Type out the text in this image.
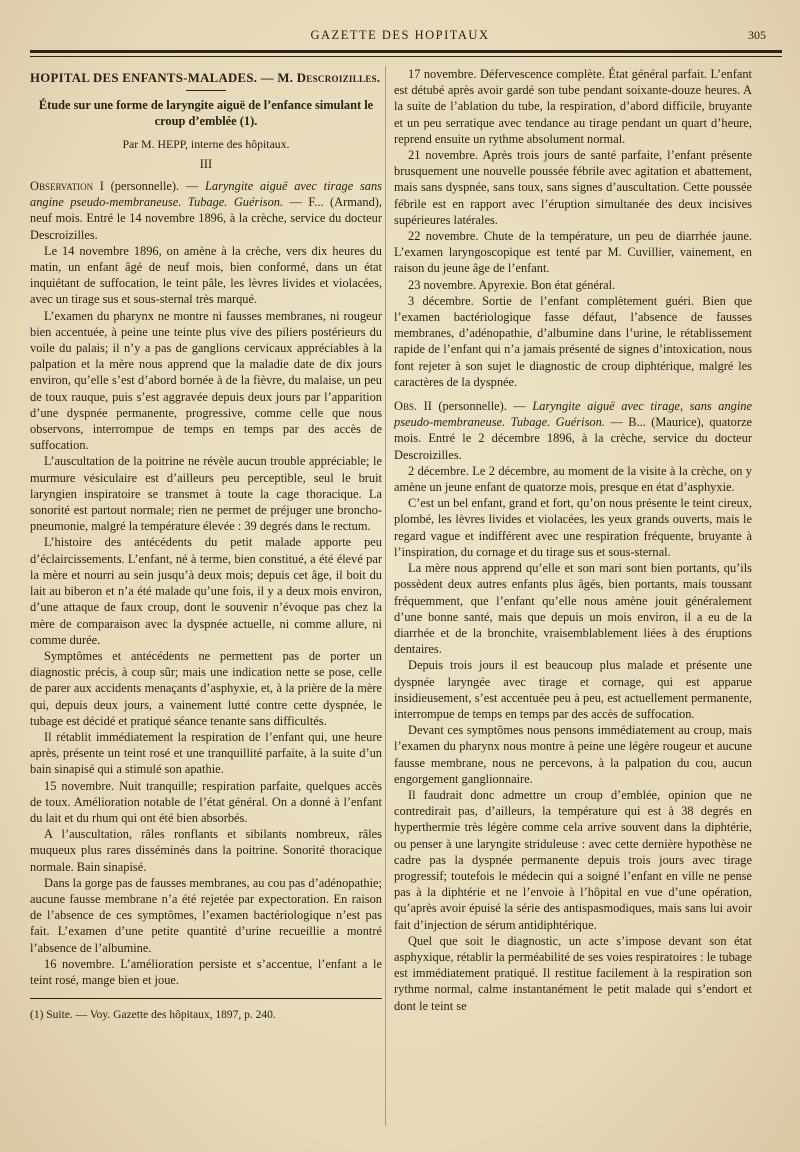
GAZETTE DES HOPITAUX	305

HOPITAL DES ENFANTS-MALADES. — M. Descroizilles.

Étude sur une forme de laryngite aiguë de l’enfance simulant le croup d’emblée (1).

Par M. HEPP, interne des hôpitaux.

III

Observation I (personnelle). — Laryngite aiguë avec tirage sans angine pseudo-membraneuse. Tubage. Guérison. — F... (Armand), neuf mois. Entré le 14 novembre 1896, à la crèche, service du docteur Descroizilles.

Le 14 novembre 1896, on amène à la crèche, vers dix heures du matin, un enfant âgé de neuf mois, bien conformé, dans un état inquiétant de suffocation, le teint pâle, les lèvres livides et violacées, avec un tirage sus et sous-sternal très marqué.

L’examen du pharynx ne montre ni fausses membranes, ni rougeur bien accentuée, à peine une teinte plus vive des piliers postérieurs du voile du palais; il n’y a pas de ganglions cervicaux appréciables à la palpation et la mère nous apprend que la maladie date de dix jours environ, qu’elle s’est d’abord bornée à de la fièvre, du malaise, un peu de toux rauque, puis s’est aggravée depuis deux jours par l’apparition d’une dyspnée permanente, progressive, comme celle que nous observons, interrompue de temps en temps par des accès de suffocation.

L’auscultation de la poitrine ne révèle aucun trouble appréciable; le murmure vésiculaire est d’ailleurs peu perceptible, seul le bruit laryngien inspiratoire se transmet à toute la cage thoracique. La sonorité est partout normale; rien ne permet de préjuger une broncho-pneumonie, malgré la température élevée : 39 degrés dans le rectum.

L’histoire des antécédents du petit malade apporte peu d’éclaircissements. L’enfant, né à terme, bien constitué, a été élevé par la mère et nourri au sein jusqu’à deux mois; depuis cet âge, il boit du lait au biberon et n’a été malade qu’une fois, il y a deux mois environ, d’une attaque de faux croup, dont le souvenir n’évoque pas chez la mère de comparaison avec la dyspnée actuelle, ni comme allure, ni comme durée.

Symptômes et antécédents ne permettent pas de porter un diagnostic précis, à coup sûr; mais une indication nette se pose, celle de parer aux accidents menaçants d’asphyxie, et, à la prière de la mère qui, depuis deux jours, a vainement lutté contre cette dyspnée, le tubage est décidé et pratiqué séance tenante sans difficultés.

Il rétablit immédiatement la respiration de l’enfant qui, une heure après, présente un teint rosé et une tranquillité parfaite, à la suite d’un bain sinapisé qui a stimulé son apathie.

15 novembre. Nuit tranquille; respiration parfaite, quelques accès de toux. Amélioration notable de l’état général. On a donné à l’enfant du lait et du rhum qui ont été bien absorbés.

A l’auscultation, râles ronflants et sibilants nombreux, râles muqueux plus rares disséminés dans la poitrine. Sonorité thoracique normale. Bain sinapisé.

Dans la gorge pas de fausses membranes, au cou pas d’adénopathie; aucune fausse membrane n’a été rejetée par expectoration. En raison de l’absence de ces symptômes, l’examen bactériologique n’est pas fait. L’examen d’une petite quantité d’urine recueillie a montré l’absence de l’albumine.

16 novembre. L’amélioration persiste et s’accentue, l’enfant a le teint rosé, mange bien et joue.

(1) Suite. — Voy. Gazette des hôpitaux, 1897, p. 240.

17 novembre. Défervescence complète. État général parfait. L’enfant est détubé après avoir gardé son tube pendant soixante-douze heures. A la suite de l’ablation du tube, la respiration, d’abord difficile, bruyante et un peu serratique avec tendance au tirage pendant un quart d’heure, reprend ensuite un rythme absolument normal.

21 novembre. Après trois jours de santé parfaite, l’enfant présente brusquement une nouvelle poussée fébrile avec agitation et abattement, mais sans dyspnée, sans toux, sans signes d’auscultation. Cette poussée fébrile est en rapport avec l’éruption simultanée des deux incisives supérieures latérales.

22 novembre. Chute de la température, un peu de diarrhée jaune. L’examen laryngoscopique est tenté par M. Cuvillier, vainement, en raison du jeune âge de l’enfant.

23 novembre. Apyrexie. Bon état général.

3 décembre. Sortie de l’enfant complètement guéri. Bien que l’examen bactériologique fasse défaut, l’absence de fausses membranes, d’adénopathie, d’albumine dans l’urine, le rétablissement rapide de l’enfant qui n’a jamais présenté de signes d’intoxication, nous font rejeter à son sujet le diagnostic de croup diphtérique, malgré les caractères de la dyspnée.

Obs. II (personnelle). — Laryngite aiguë avec tirage, sans angine pseudo-membraneuse. Tubage. Guérison. — B... (Maurice), quatorze mois. Entré le 2 décembre 1896, à la crèche, service du docteur Descroizilles.

2 décembre. Le 2 décembre, au moment de la visite à la crèche, on y amène un jeune enfant de quatorze mois, presque en état d’asphyxie.

C’est un bel enfant, grand et fort, qu’on nous présente le teint cireux, plombé, les lèvres livides et violacées, les yeux grands ouverts, mais le regard vague et indifférent avec une respiration fréquente, bruyante à l’inspiration, du cornage et du tirage sus et sous-sternal.

La mère nous apprend qu’elle et son mari sont bien portants, qu’ils possèdent deux autres enfants plus âgés, bien portants, mais toussant fréquemment, que l’enfant qu’elle nous amène jouit généralement d’une bonne santé, mais que depuis un mois environ, il a eu de la diarrhée et de la bronchite, vraisemblablement liées à des éruptions dentaires.

Depuis trois jours il est beaucoup plus malade et présente une dyspnée laryngée avec tirage et cornage, qui est apparue insidieusement, s’est accentuée peu à peu, est actuellement permanente, interrompue de temps en temps par des accès de suffocation.

Devant ces symptômes nous pensons immédiatement au croup, mais l’examen du pharynx nous montre à peine une légère rougeur et aucune fausse membrane, nous ne percevons, à la palpation du cou, aucun engorgement ganglionnaire.

Il faudrait donc admettre un croup d’emblée, opinion que ne contredirait pas, d’ailleurs, la température qui est à 38 degrés en hyperthermie très légère comme cela arrive souvent dans la diphtérie, ou penser à une laryngite striduleuse : avec cette dernière hypothèse ne cadre pas la dyspnée permanente depuis trois jours avec tirage progressif; toutefois le médecin qui a soigné l’enfant en ville ne pense pas à la diphtérie et ne l’envoie à l’hôpital en vue d’une opération, qu’après avoir épuisé la série des antispasmodiques, mais sans lui avoir fait d’injection de sérum antidiphtérique.

Quel que soit le diagnostic, un acte s’impose devant son état asphyxique, rétablir la perméabilité de ses voies respiratoires : le tubage est immédiatement pratiqué. Il restitue facilement à la respiration son rythme normal, calme instantanément le petit malade qui s’endort et dont le teint se
